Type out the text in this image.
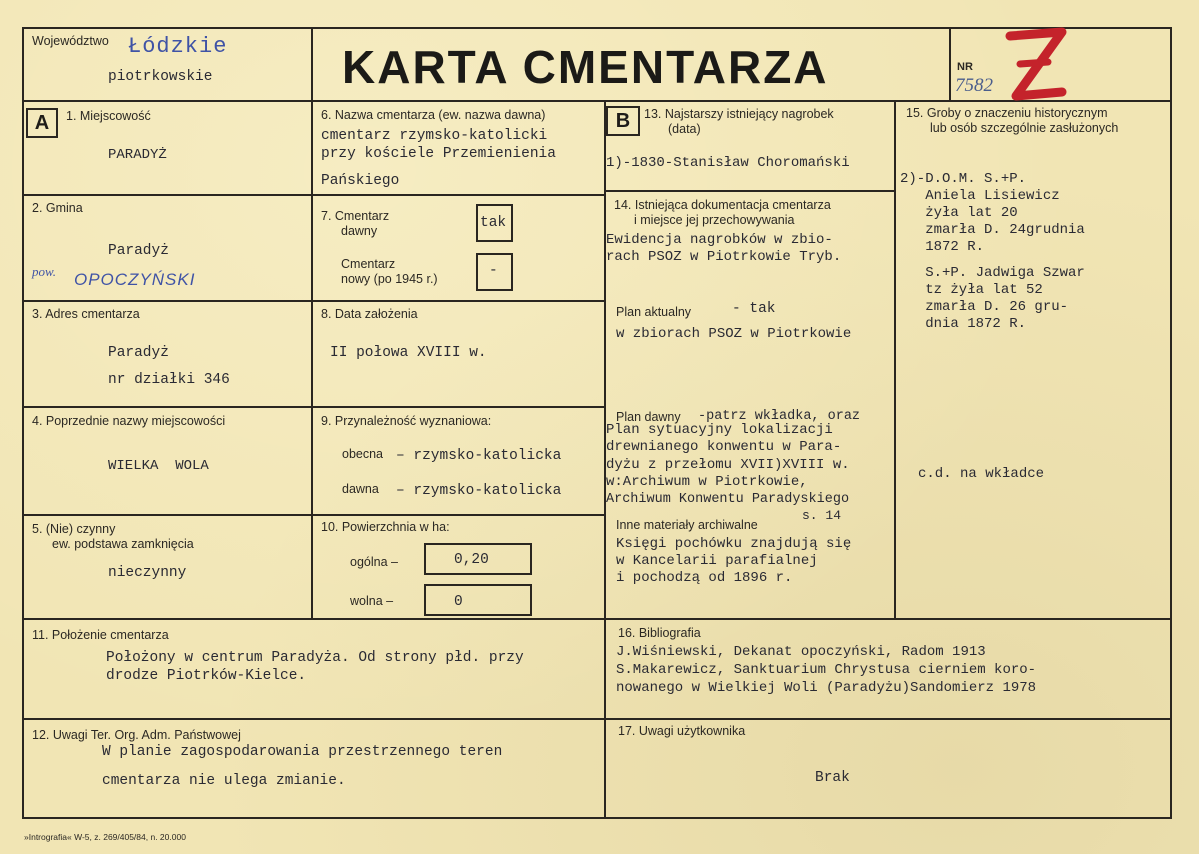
Województwo Łódzkie
piotrkowskie	KARTA CMENTARZA	NR
7582
Z
A	1. Miejscowość
PARADYŻ
2. Gmina
Paradyż
pow. OPOCZYŃSKI
3. Adres cmentarza
Paradyż
nr działki 346
4. Poprzednie nazwy miejscowości
WIELKA  WOLA
5. (Nie) czynny
ew. podstawa zamknięcia
nieczynny
6. Nazwa cmentarza (ew. nazwa dawna)
cmentarz rzymsko-katolicki
przy kościele Przemienienia
Pańskiego
7. Cmentarz
dawny	tak
Cmentarz
nowy (po 1945 r.)	-
8. Data założenia
II połowa XVIII w.
9. Przynależność wyznaniowa:
obecna – rzymsko-katolicka
dawna – rzymsko-katolicka
10. Powierzchnia w ha:
ogólna –	0,20
wolna –	0
B	13. Najstarszy istniejący nagrobek
(data)
1)-1830-Stanisław Choromański
14. Istniejąca dokumentacja cmentarza
i miejsce jej przechowywania
Ewidencja nagrobków w zbio-
rach PSOZ w Piotrkowie Tryb.
Plan aktualny	- tak
w zbiorach PSOZ w Piotrkowie
Plan dawny -patrz wkładka, oraz
Plan sytuacyjny lokalizacji
drewnianego konwentu w Para-
dyżu z przełomu XVII)XVIII w.
w:Archiwum w Piotrkowie,
Archiwum Konwentu Paradyskiego
s. 14
Inne materiały archiwalne
Księgi pochówku znajdują się
w Kancelarii parafialnej
i pochodzą od 1896 r.
15. Groby o znaczeniu historycznym
lub osób szczególnie zasłużonych
2)-D.O.M. S.+P.
Aniela Lisiewicz
żyła lat 20
zmarła D. 24grudnia
1872 R.
S.+P. Jadwiga Szwar
tz żyła lat 52
zmarła D. 26 gru-
dnia 1872 R.
c.d. na wkładce
11. Położenie cmentarza
Położony w centrum Paradyża. Od strony płd. przy
drodze Piotrków-Kielce.
16. Bibliografia
J.Wiśniewski, Dekanat opoczyński, Radom 1913
S.Makarewicz, Sanktuarium Chrystusa cierniem koro-
nowanego w Wielkiej Woli (Paradyżu)Sandomierz 1978
12. Uwagi Ter. Org. Adm. Państwowej
W planie zagospodarowania przestrzennego teren
cmentarza nie ulega zmianie.
17. Uwagi użytkownika
Brak
»Intrografia« W-5, z. 269/405/84, n. 20.000
